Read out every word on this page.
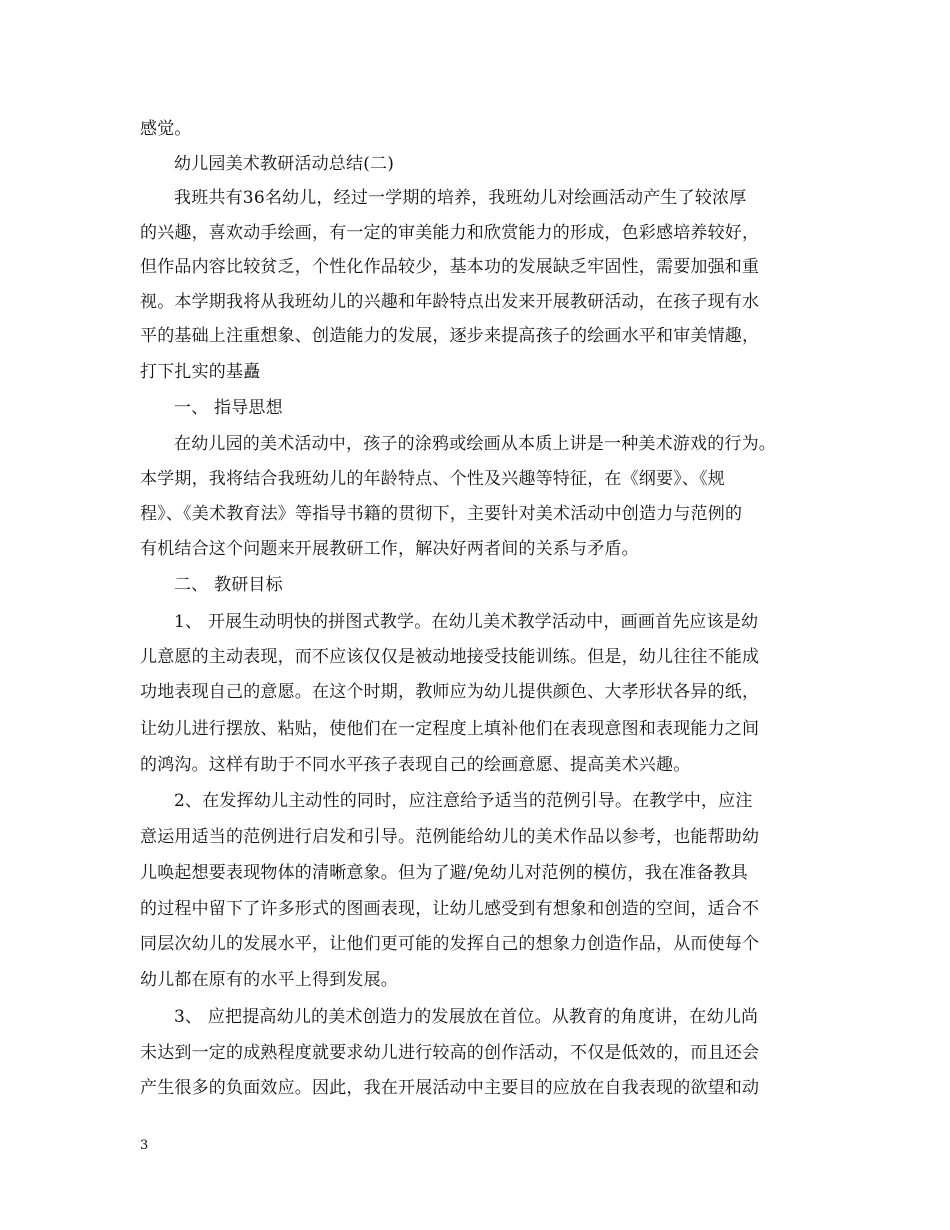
感觉。
幼儿园美术教研活动总结(二)
我班共有36名幼儿，经过一学期的培养，我班幼儿对绘画活动产生了较浓厚
的兴趣，喜欢动手绘画，有一定的审美能力和欣赏能力的形成，色彩感培养较好，
但作品内容比较贫乏，个性化作品较少，基本功的发展缺乏牢固性，需要加强和重
视。本学期我将从我班幼儿的兴趣和年龄特点出发来开展教研活动，在孩子现有水
平的基础上注重想象、创造能力的发展，逐步来提高孩子的绘画水平和审美情趣，
打下扎实的基矗
一、 指导思想
在幼儿园的美术活动中，孩子的涂鸦或绘画从本质上讲是一种美术游戏的行为。
本学期，我将结合我班幼儿的年龄特点、个性及兴趣等特征，在《纲要》、《规
程》、《美术教育法》等指导书籍的贯彻下，主要针对美术活动中创造力与范例的
有机结合这个问题来开展教研工作，解决好两者间的关系与矛盾。
二、 教研目标
1、 开展生动明快的拼图式教学。在幼儿美术教学活动中，画画首先应该是幼
儿意愿的主动表现，而不应该仅仅是被动地接受技能训练。但是，幼儿往往不能成
功地表现自己的意愿。在这个时期，教师应为幼儿提供颜色、大孝形状各异的纸，
让幼儿进行摆放、粘贴，使他们在一定程度上填补他们在表现意图和表现能力之间
的鸿沟。这样有助于不同水平孩子表现自己的绘画意愿、提高美术兴趣。
2、在发挥幼儿主动性的同时，应注意给予适当的范例引导。在教学中，应注
意运用适当的范例进行启发和引导。范例能给幼儿的美术作品以参考，也能帮助幼
儿唤起想要表现物体的清晰意象。但为了避/免幼儿对范例的模仿，我在准备教具
的过程中留下了许多形式的图画表现，让幼儿感受到有想象和创造的空间，适合不
同层次幼儿的发展水平，让他们更可能的发挥自己的想象力创造作品，从而使每个
幼儿都在原有的水平上得到发展。
3、 应把提高幼儿的美术创造力的发展放在首位。从教育的角度讲，在幼儿尚
未达到一定的成熟程度就要求幼儿进行较高的创作活动，不仅是低效的，而且还会
产生很多的负面效应。因此，我在开展活动中主要目的应放在自我表现的欲望和动
3
